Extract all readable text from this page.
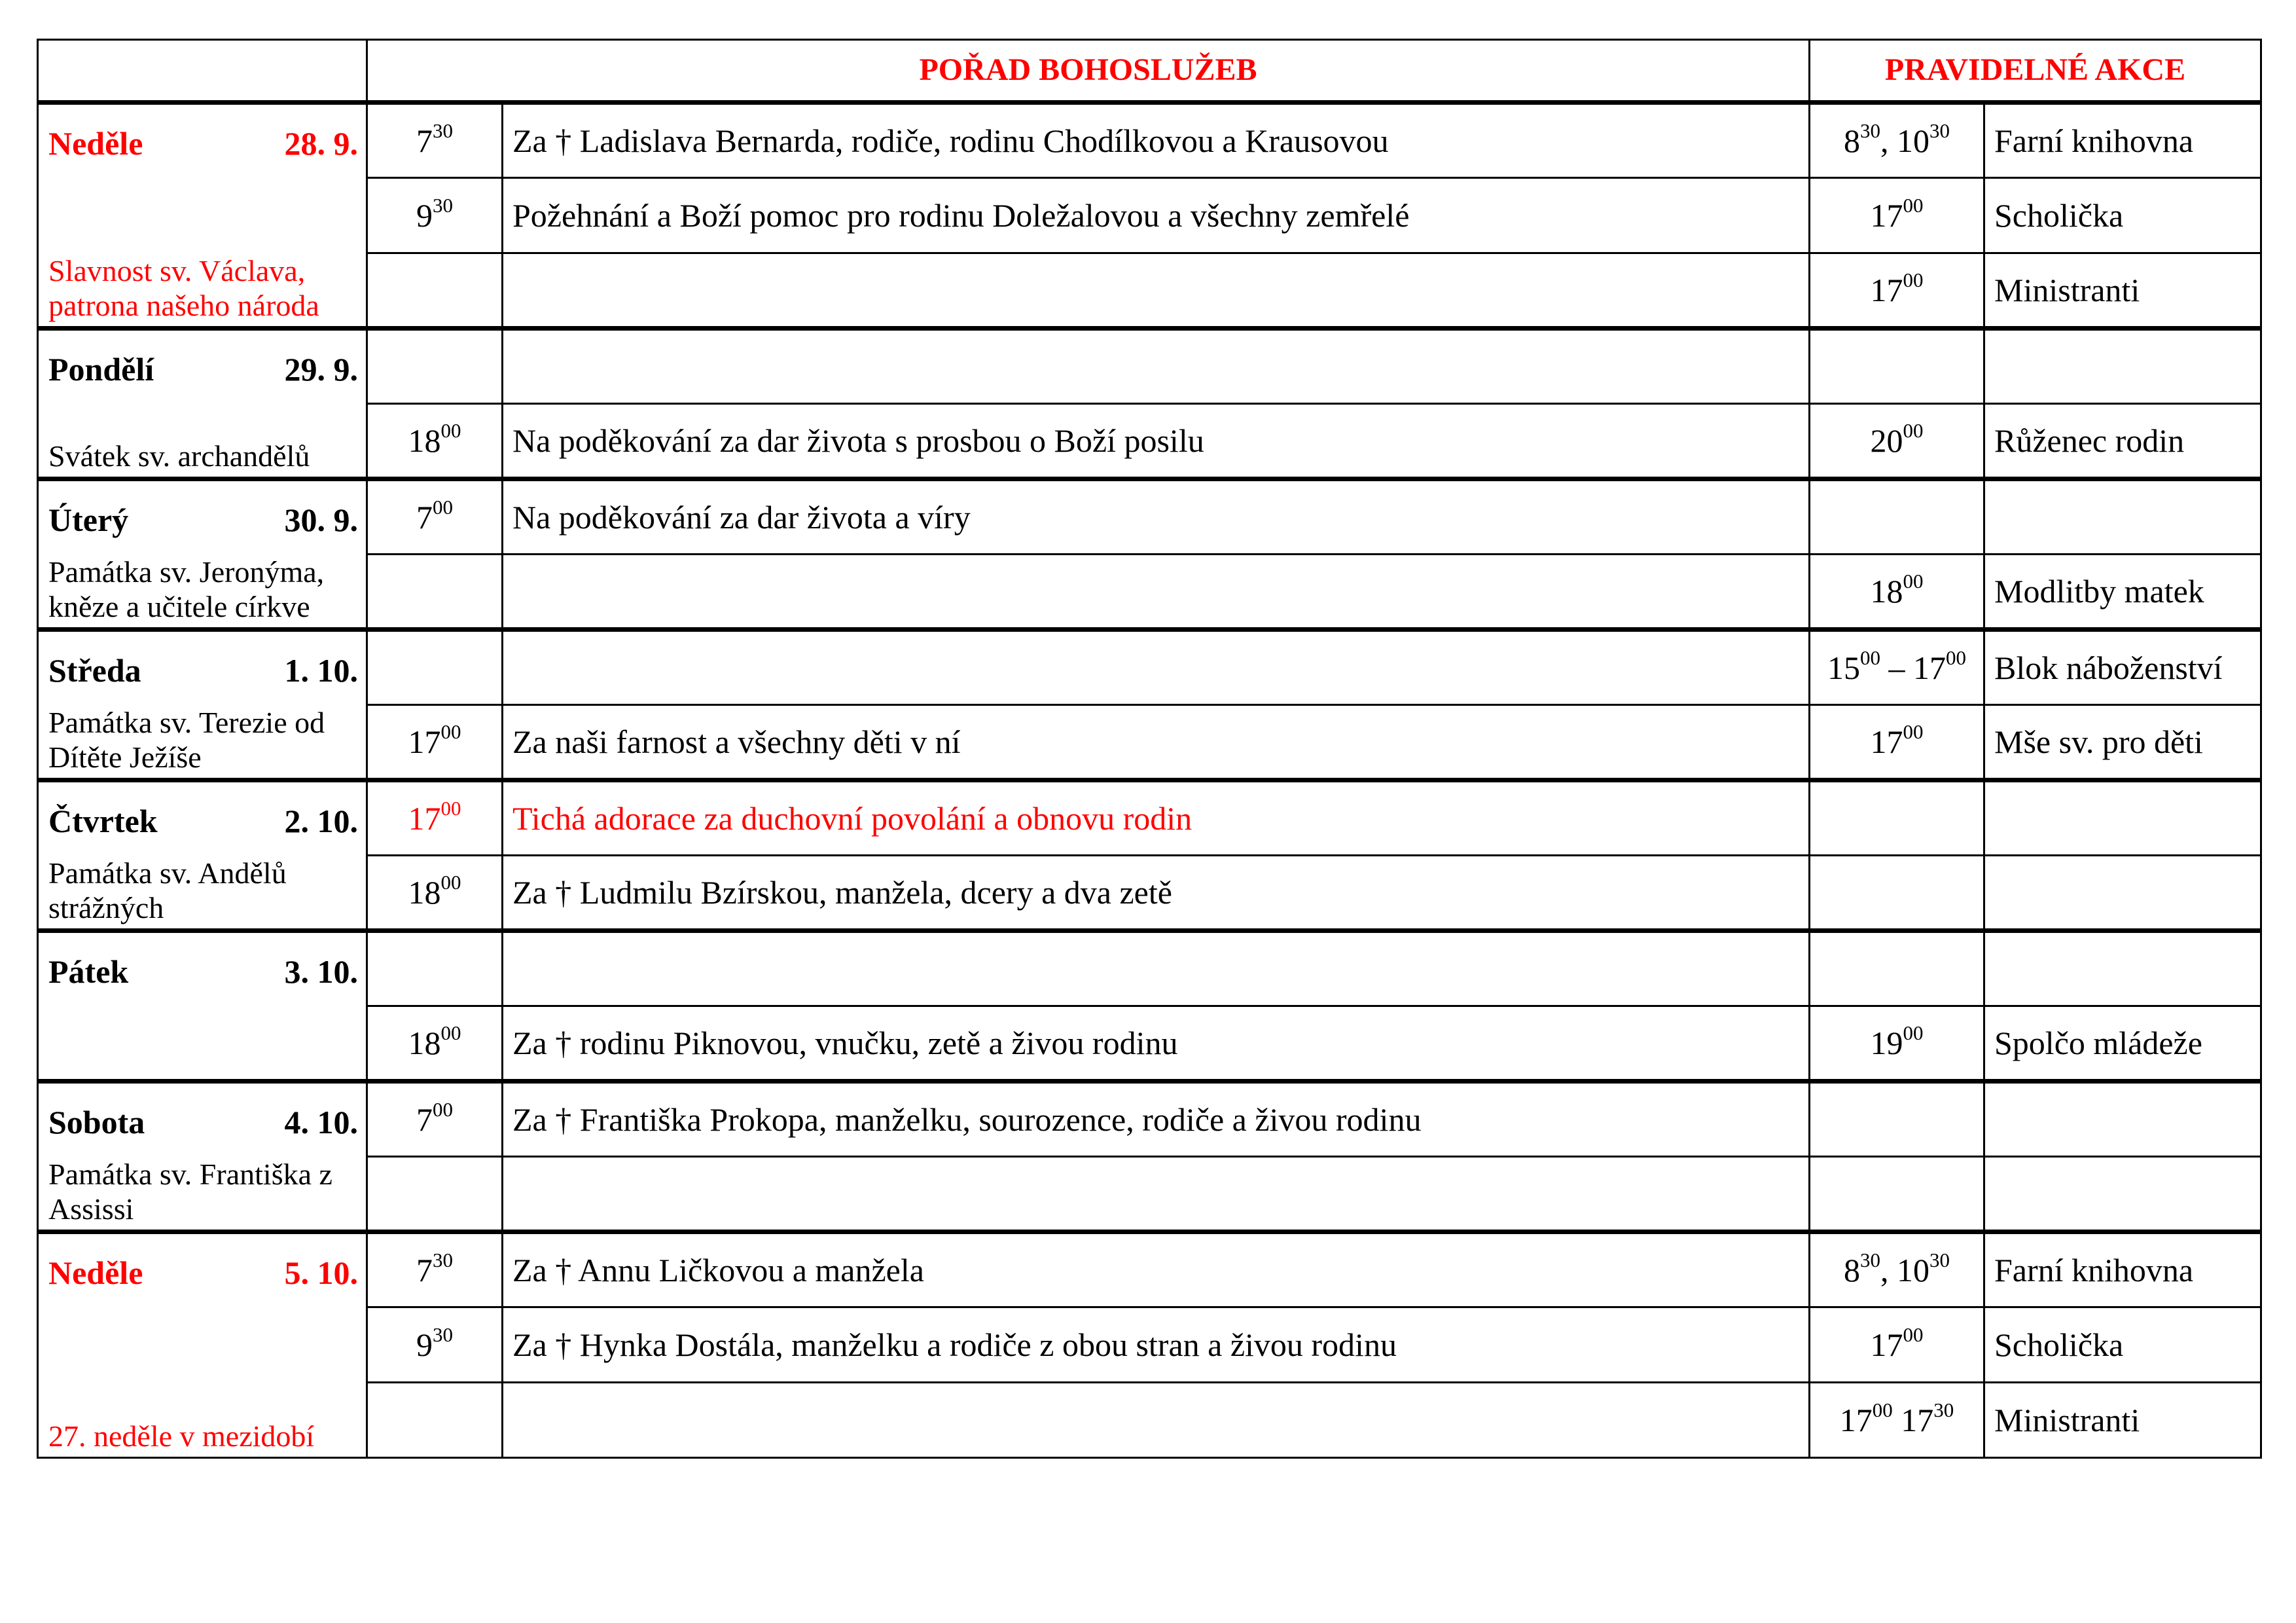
	POŘAD BOHOSLUŽEB		PRAVIDELNÉ AKCE	

Neděle 28. 9.
Slavnost sv. Václava, patrona našeho národa	$7^{30}$	Za † Ladislava Bernarda, rodiče, rodinu Chodílkovou a Krausovou	$8^{30}$, $10^{30}$	Farní knihovna
	$9^{30}$	Požehnání a Boží pomoc pro rodinu Doležalovou a všechny zemřelé	$17^{00}$	Scholička
			$17^{00}$	Ministranti

Pondělí 29. 9.
Svátek sv. archandělů				

	$18^{00}$	Na poděkování za dar života s prosbou o Boží posilu	$20^{00}$	Růženec rodin

Úterý 30. 9.
Památka sv. Jeronýma, kněze a učitele církve	$7^{00}$	Na poděkování za dar života a víry		
			$18^{00}$	Modlitby matek

Středa 1. 10.
Památka sv. Terezie od Dítěte Ježíše			$15^{00} - 17^{00}$	Blok náboženství
	$17^{00}$	Za naši farnost a všechny děti v ní	$17^{00}$	Mše sv. pro děti

Čtvrtek 2. 10.
Památka sv. Andělů strážných	$17^{00}$	Tichá adorace za duchovní povolání a obnovu rodin		
	$18^{00}$	Za † Ludmilu Bzírskou, manžela, dcery a dva zetě		

Pátek 3. 10.				

	$18^{00}$	Za † rodinu Piknovou, vnučku, zetě a živou rodinu	$19^{00}$	Spolčo mládeže

Sobota 4. 10.
Památka sv. Františka z Assissi	$7^{00}$	Za † Františka Prokopa, manželku, sourozence, rodiče a živou rodinu		

Neděle 5. 10.
27. neděle v mezidobí	$7^{30}$	Za † Annu Ličkovou a manžela	$8^{30}$, $10^{30}$	Farní knihovna
	$9^{30}$	Za † Hynka Dostála, manželku a rodiče z obou stran a živou rodinu	$17^{00}$	Scholička
			$17^{00}$ $17^{30}$	Ministranti
